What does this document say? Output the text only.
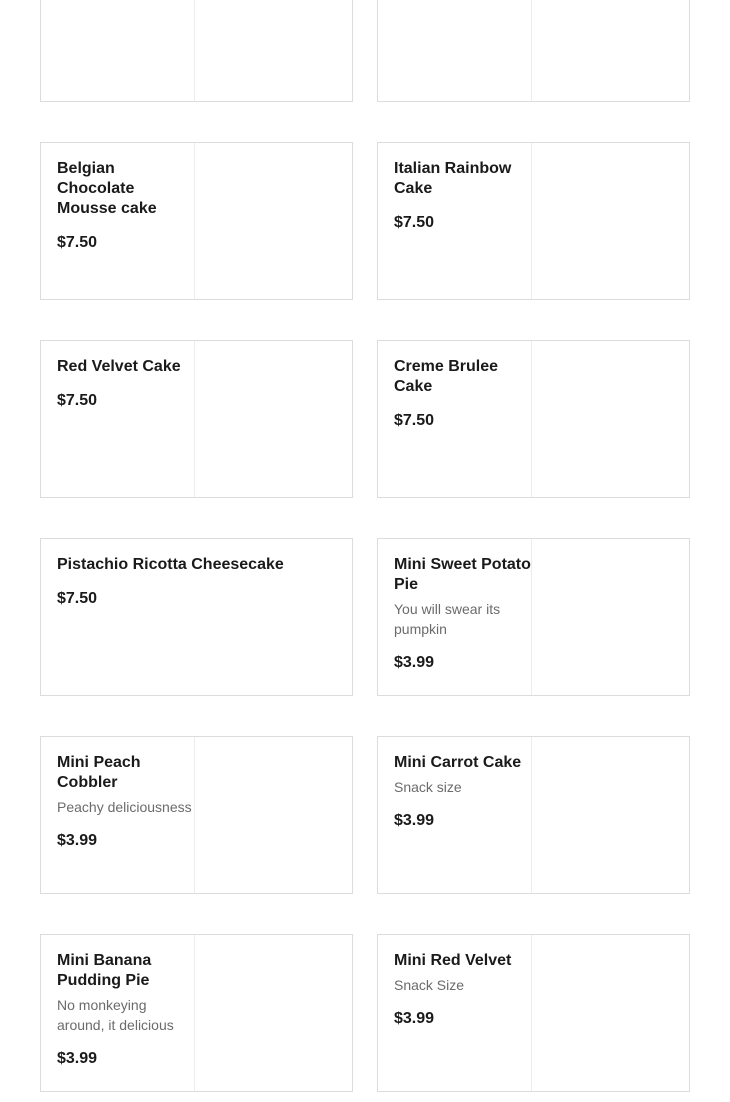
Belgian Chocolate Mousse cake
$7.50
Italian Rainbow Cake
$7.50
Red Velvet Cake
$7.50
Creme Brulee Cake
$7.50
Pistachio Ricotta Cheesecake
$7.50
Mini Sweet Potato Pie
You will swear its pumpkin
$3.99
Mini Peach Cobbler
Peachy deliciousness
$3.99
Mini Carrot Cake
Snack size
$3.99
Mini Banana Pudding Pie
No monkeying around, it delicious
$3.99
Mini Red Velvet
Snack Size
$3.99
